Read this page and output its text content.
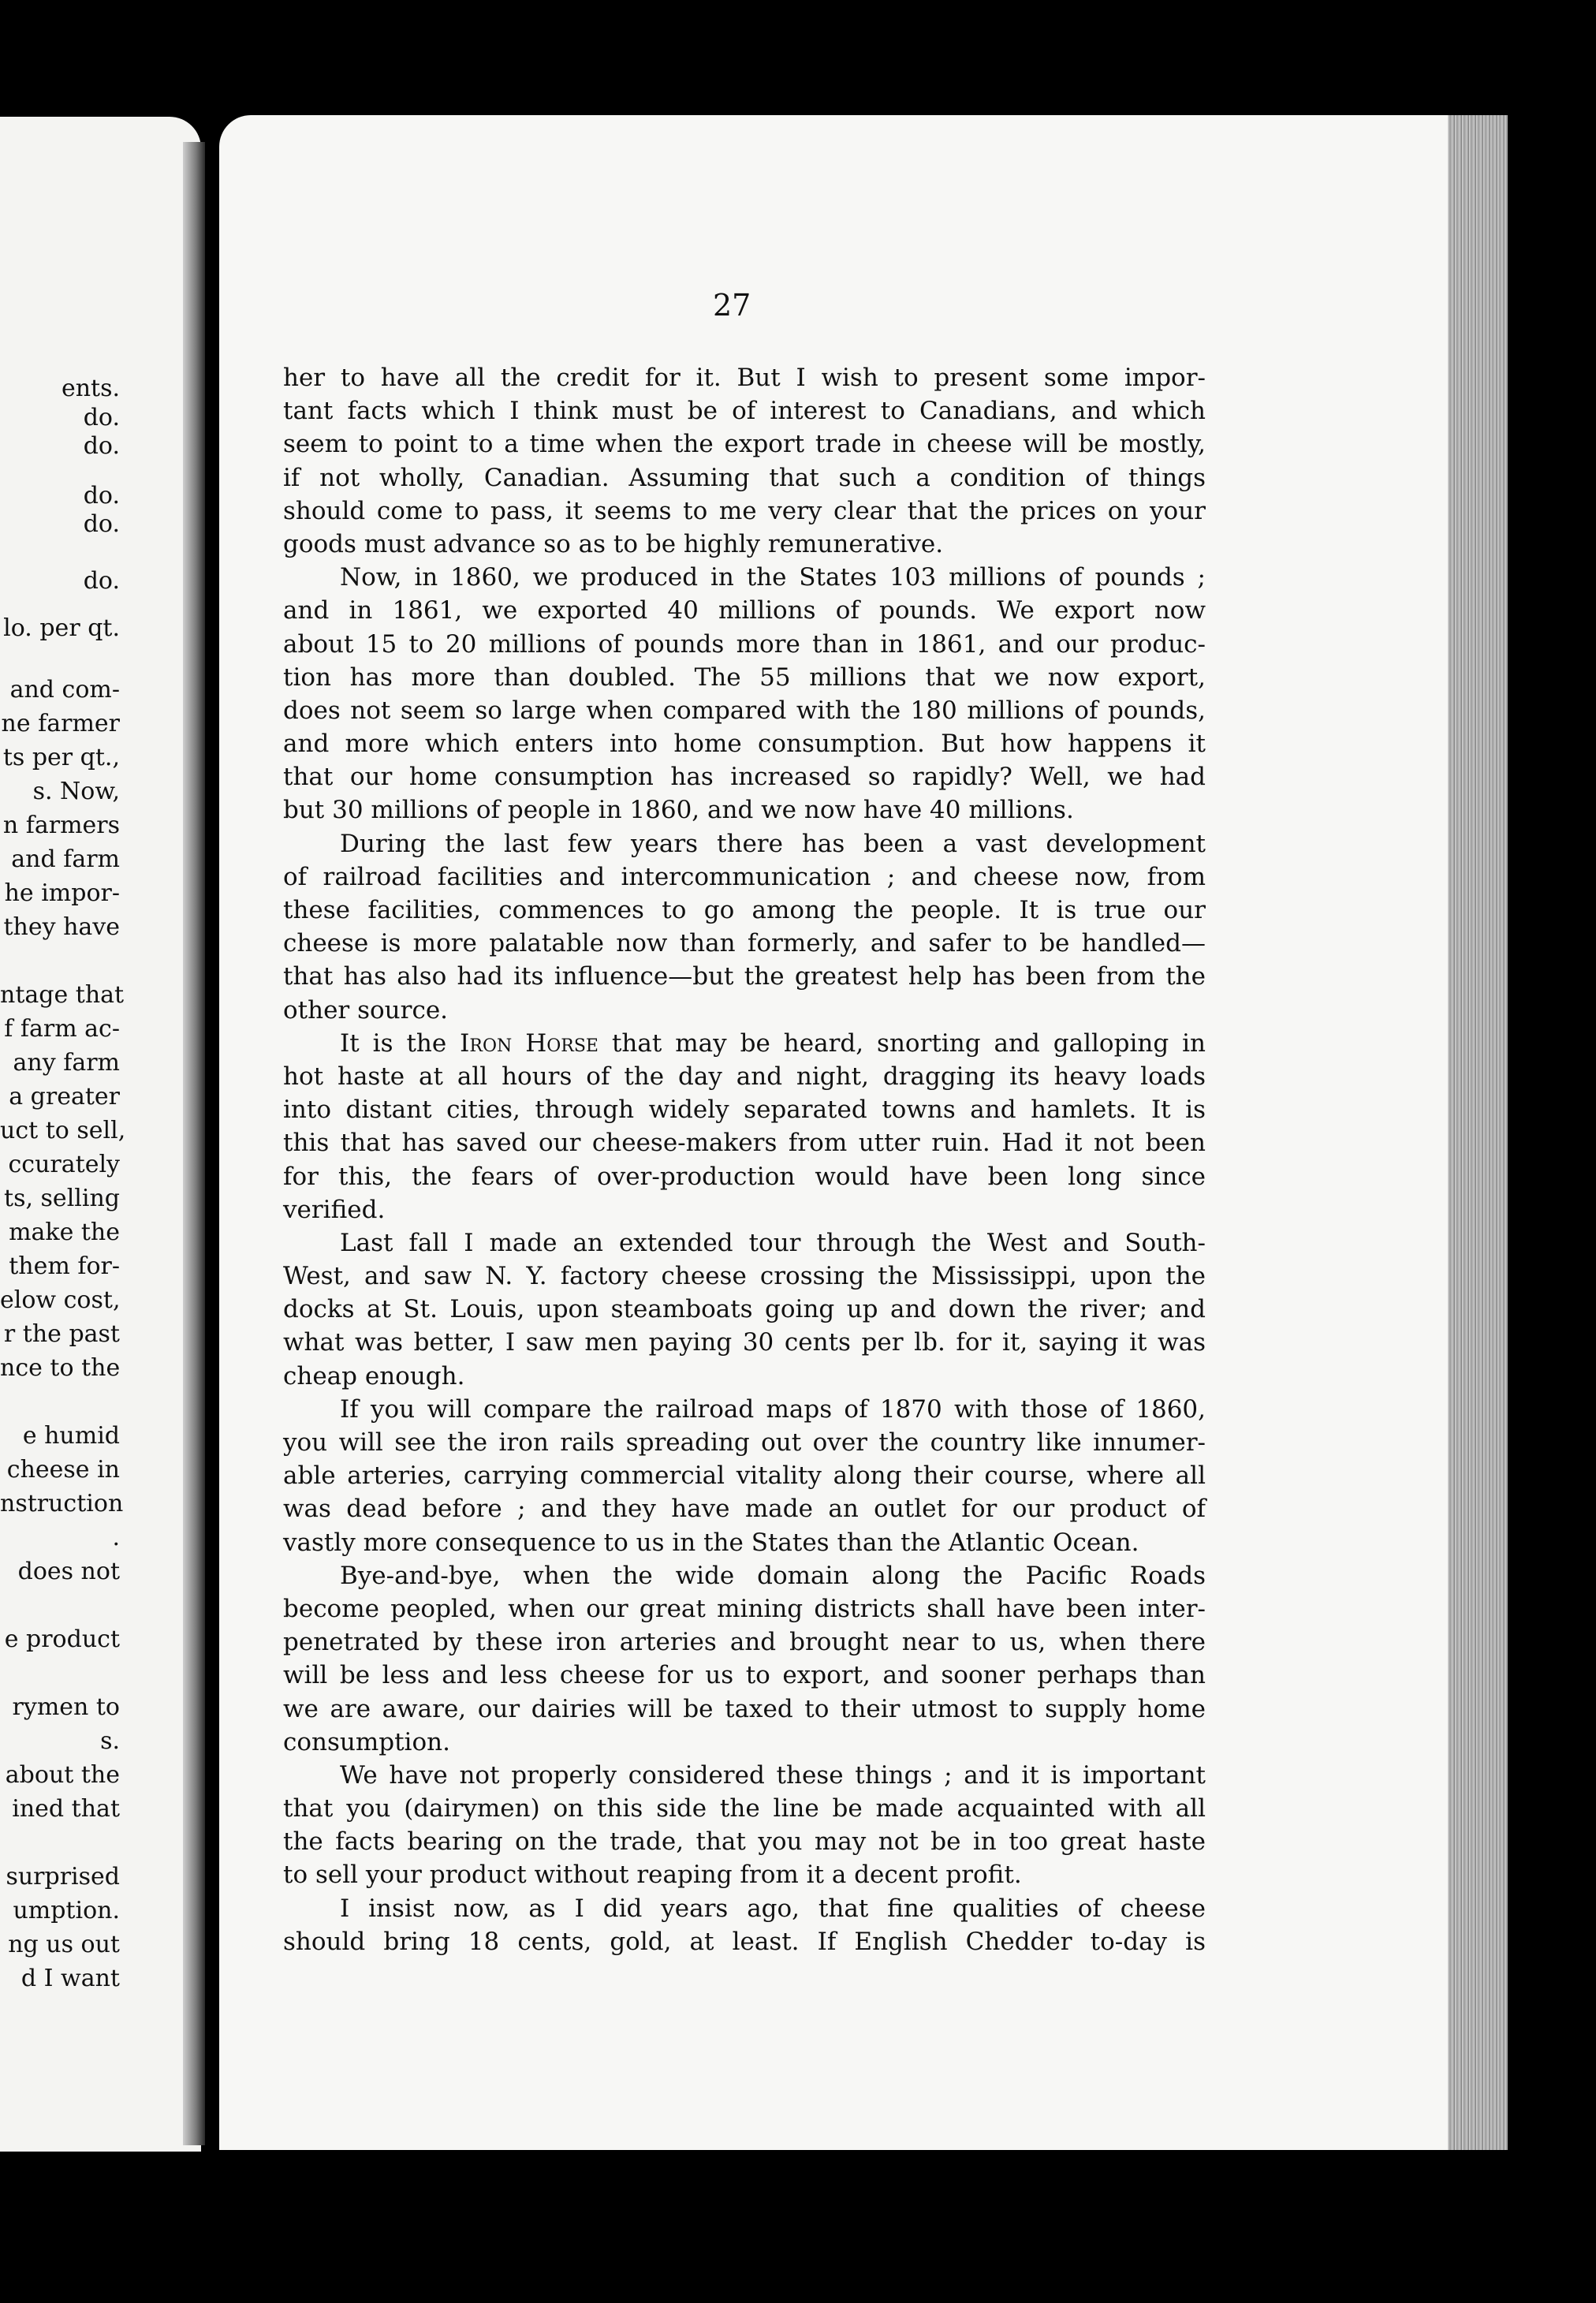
ents.
do.
do.
do.
do.
do.
lo. per qt.
and com-
ne farmer
ts per qt.,
s. Now,
n farmers
and farm
he impor-
they have
ntage that
f farm ac-
any farm
a greater
uct to sell,
ccurately
ts, selling
make the
them for-
elow cost,
r the past
nce to the
e humid
cheese in
nstruction
.
does not
e product
rymen to
s.
about the
ined that
surprised
umption.
ng us out
d I want
27
her to have all the credit for it. But I wish to present some impor-
tant facts which I think must be of interest to Canadians, and which
seem to point to a time when the export trade in cheese will be mostly,
if not wholly, Canadian. Assuming that such a condition of things
should come to pass, it seems to me very clear that the prices on your
goods must advance so as to be highly remunerative.
Now, in 1860, we produced in the States 103 millions of pounds ;
and in 1861, we exported 40 millions of pounds. We export now
about 15 to 20 millions of pounds more than in 1861, and our produc-
tion has more than doubled. The 55 millions that we now export,
does not seem so large when compared with the 180 millions of pounds,
and more which enters into home consumption. But how happens it
that our home consumption has increased so rapidly? Well, we had
but 30 millions of people in 1860, and we now have 40 millions.
During the last few years there has been a vast development
of railroad facilities and intercommunication ; and cheese now, from
these facilities, commences to go among the people. It is true our
cheese is more palatable now than formerly, and safer to be handled—
that has also had its influence—but the greatest help has been from the
other source.
It is the Iron Horse that may be heard, snorting and galloping in
hot haste at all hours of the day and night, dragging its heavy loads
into distant cities, through widely separated towns and hamlets. It is
this that has saved our cheese-makers from utter ruin. Had it not been
for this, the fears of over-production would have been long since
verified.
Last fall I made an extended tour through the West and South-
West, and saw N. Y. factory cheese crossing the Mississippi, upon the
docks at St. Louis, upon steamboats going up and down the river; and
what was better, I saw men paying 30 cents per lb. for it, saying it was
cheap enough.
If you will compare the railroad maps of 1870 with those of 1860,
you will see the iron rails spreading out over the country like innumer-
able arteries, carrying commercial vitality along their course, where all
was dead before ; and they have made an outlet for our product of
vastly more consequence to us in the States than the Atlantic Ocean.
Bye-and-bye, when the wide domain along the Pacific Roads
become peopled, when our great mining districts shall have been inter-
penetrated by these iron arteries and brought near to us, when there
will be less and less cheese for us to export, and sooner perhaps than
we are aware, our dairies will be taxed to their utmost to supply home
consumption.
We have not properly considered these things ; and it is important
that you (dairymen) on this side the line be made acquainted with all
the facts bearing on the trade, that you may not be in too great haste
to sell your product without reaping from it a decent profit.
I insist now, as I did years ago, that fine qualities of cheese
should bring 18 cents, gold, at least. If English Chedder to-day is
